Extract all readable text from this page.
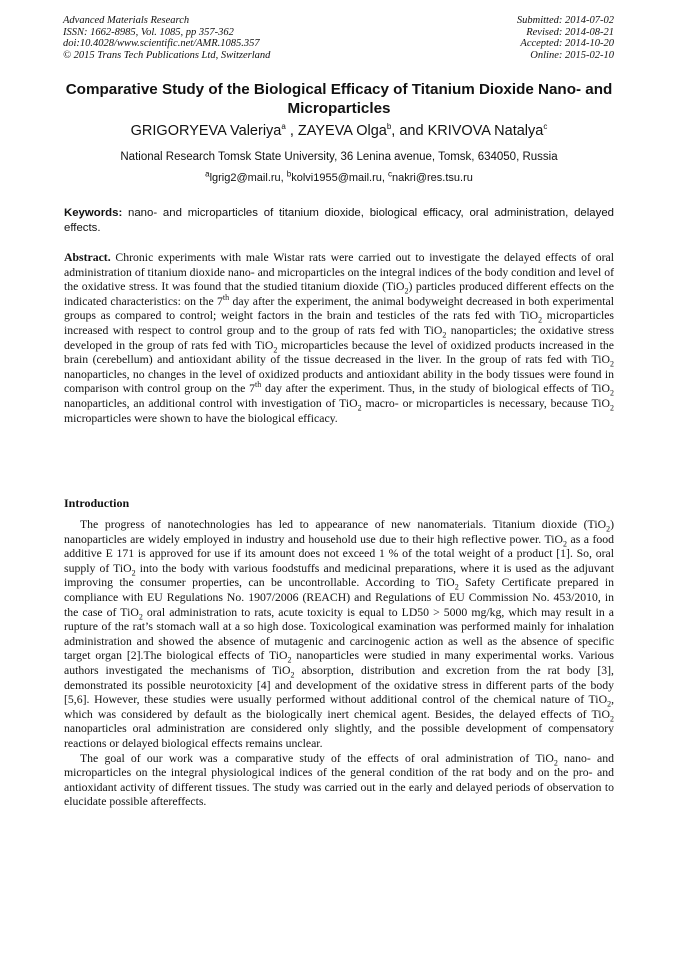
Advanced Materials Research
ISSN: 1662-8985, Vol. 1085, pp 357-362
doi:10.4028/www.scientific.net/AMR.1085.357
© 2015 Trans Tech Publications Ltd, Switzerland
Submitted: 2014-07-02
Revised: 2014-08-21
Accepted: 2014-10-20
Online: 2015-02-10
Comparative Study of the Biological Efficacy of Titanium Dioxide Nano- and Microparticles
GRIGORYEVA Valeriya$^a$ , ZAYEVA Olga$^b$, and KRIVOVA Natalya$^c$
National Research Tomsk State University, 36 Lenina avenue, Tomsk, 634050, Russia
$^a$lgrig2@mail.ru, $^b$kolvi1955@mail.ru, $^c$nakri@res.tsu.ru
Keywords: nano- and microparticles of titanium dioxide, biological efficacy, oral administration, delayed effects.

Abstract. Chronic experiments with male Wistar rats were carried out to investigate the delayed effects of oral administration of titanium dioxide nano- and microparticles on the integral indices of the body condition and level of the oxidative stress. It was found that the studied titanium dioxide (TiO$_2$) particles produced different effects on the indicated characteristics: on the 7th day after the experiment, the animal bodyweight decreased in both experimental groups as compared to control; weight factors in the brain and testicles of the rats fed with TiO$_2$ microparticles increased with respect to control group and to the group of rats fed with TiO$_2$ nanoparticles; the oxidative stress developed in the group of rats fed with TiO$_2$ microparticles because the level of oxidized products increased in the brain (cerebellum) and antioxidant ability of the tissue decreased in the liver. In the group of rats fed with TiO$_2$ nanoparticles, no changes in the level of oxidized products and antioxidant ability in the body tissues were found in comparison with control group on the 7th day after the experiment. Thus, in the study of biological effects of TiO$_2$ nanoparticles, an additional control with investigation of TiO$_2$ macro- or microparticles is necessary, because TiO$_2$ microparticles were shown to have the biological efficacy.

Introduction

The progress of nanotechnologies has led to appearance of new nanomaterials. Titanium dioxide (TiO$_2$) nanoparticles are widely employed in industry and household use due to their high reflective power. TiO$_2$ as a food additive E 171 is approved for use if its amount does not exceed 1 % of the total weight of a product [1]. So, oral supply of TiO$_2$ into the body with various foodstuffs and medicinal preparations, where it is used as the adjuvant improving the consumer properties, can be uncontrollable. According to TiO$_2$ Safety Certificate prepared in compliance with EU Regulations No. 1907/2006 (REACH) and Regulations of EU Commission No. 453/2010, in the case of TiO$_2$ oral administration to rats, acute toxicity is equal to LD50 > 5000 mg/kg, which may result in a rupture of the rat’s stomach wall at a so high dose. Toxicological examination was performed mainly for inhalation administration and showed the absence of mutagenic and carcinogenic action as well as the absence of specific target organ [2].The biological effects of TiO$_2$ nanoparticles were studied in many experimental works. Various authors investigated the mechanisms of TiO$_2$ absorption, distribution and excretion from the rat body [3], demonstrated its possible neurotoxicity [4] and development of the oxidative stress in different parts of the body [5,6]. However, these studies were usually performed without additional control of the chemical nature of TiO$_2$, which was considered by default as the biologically inert chemical agent. Besides, the delayed effects of TiO$_2$ nanoparticles oral administration are considered only slightly, and the possible development of compensatory reactions or delayed biological effects remains unclear.

The goal of our work was a comparative study of the effects of oral administration of TiO$_2$ nano- and microparticles on the integral physiological indices of the general condition of the rat body and on the pro- and antioxidant activity of different tissues. The study was carried out in the early and delayed periods of observation to elucidate possible aftereffects.
